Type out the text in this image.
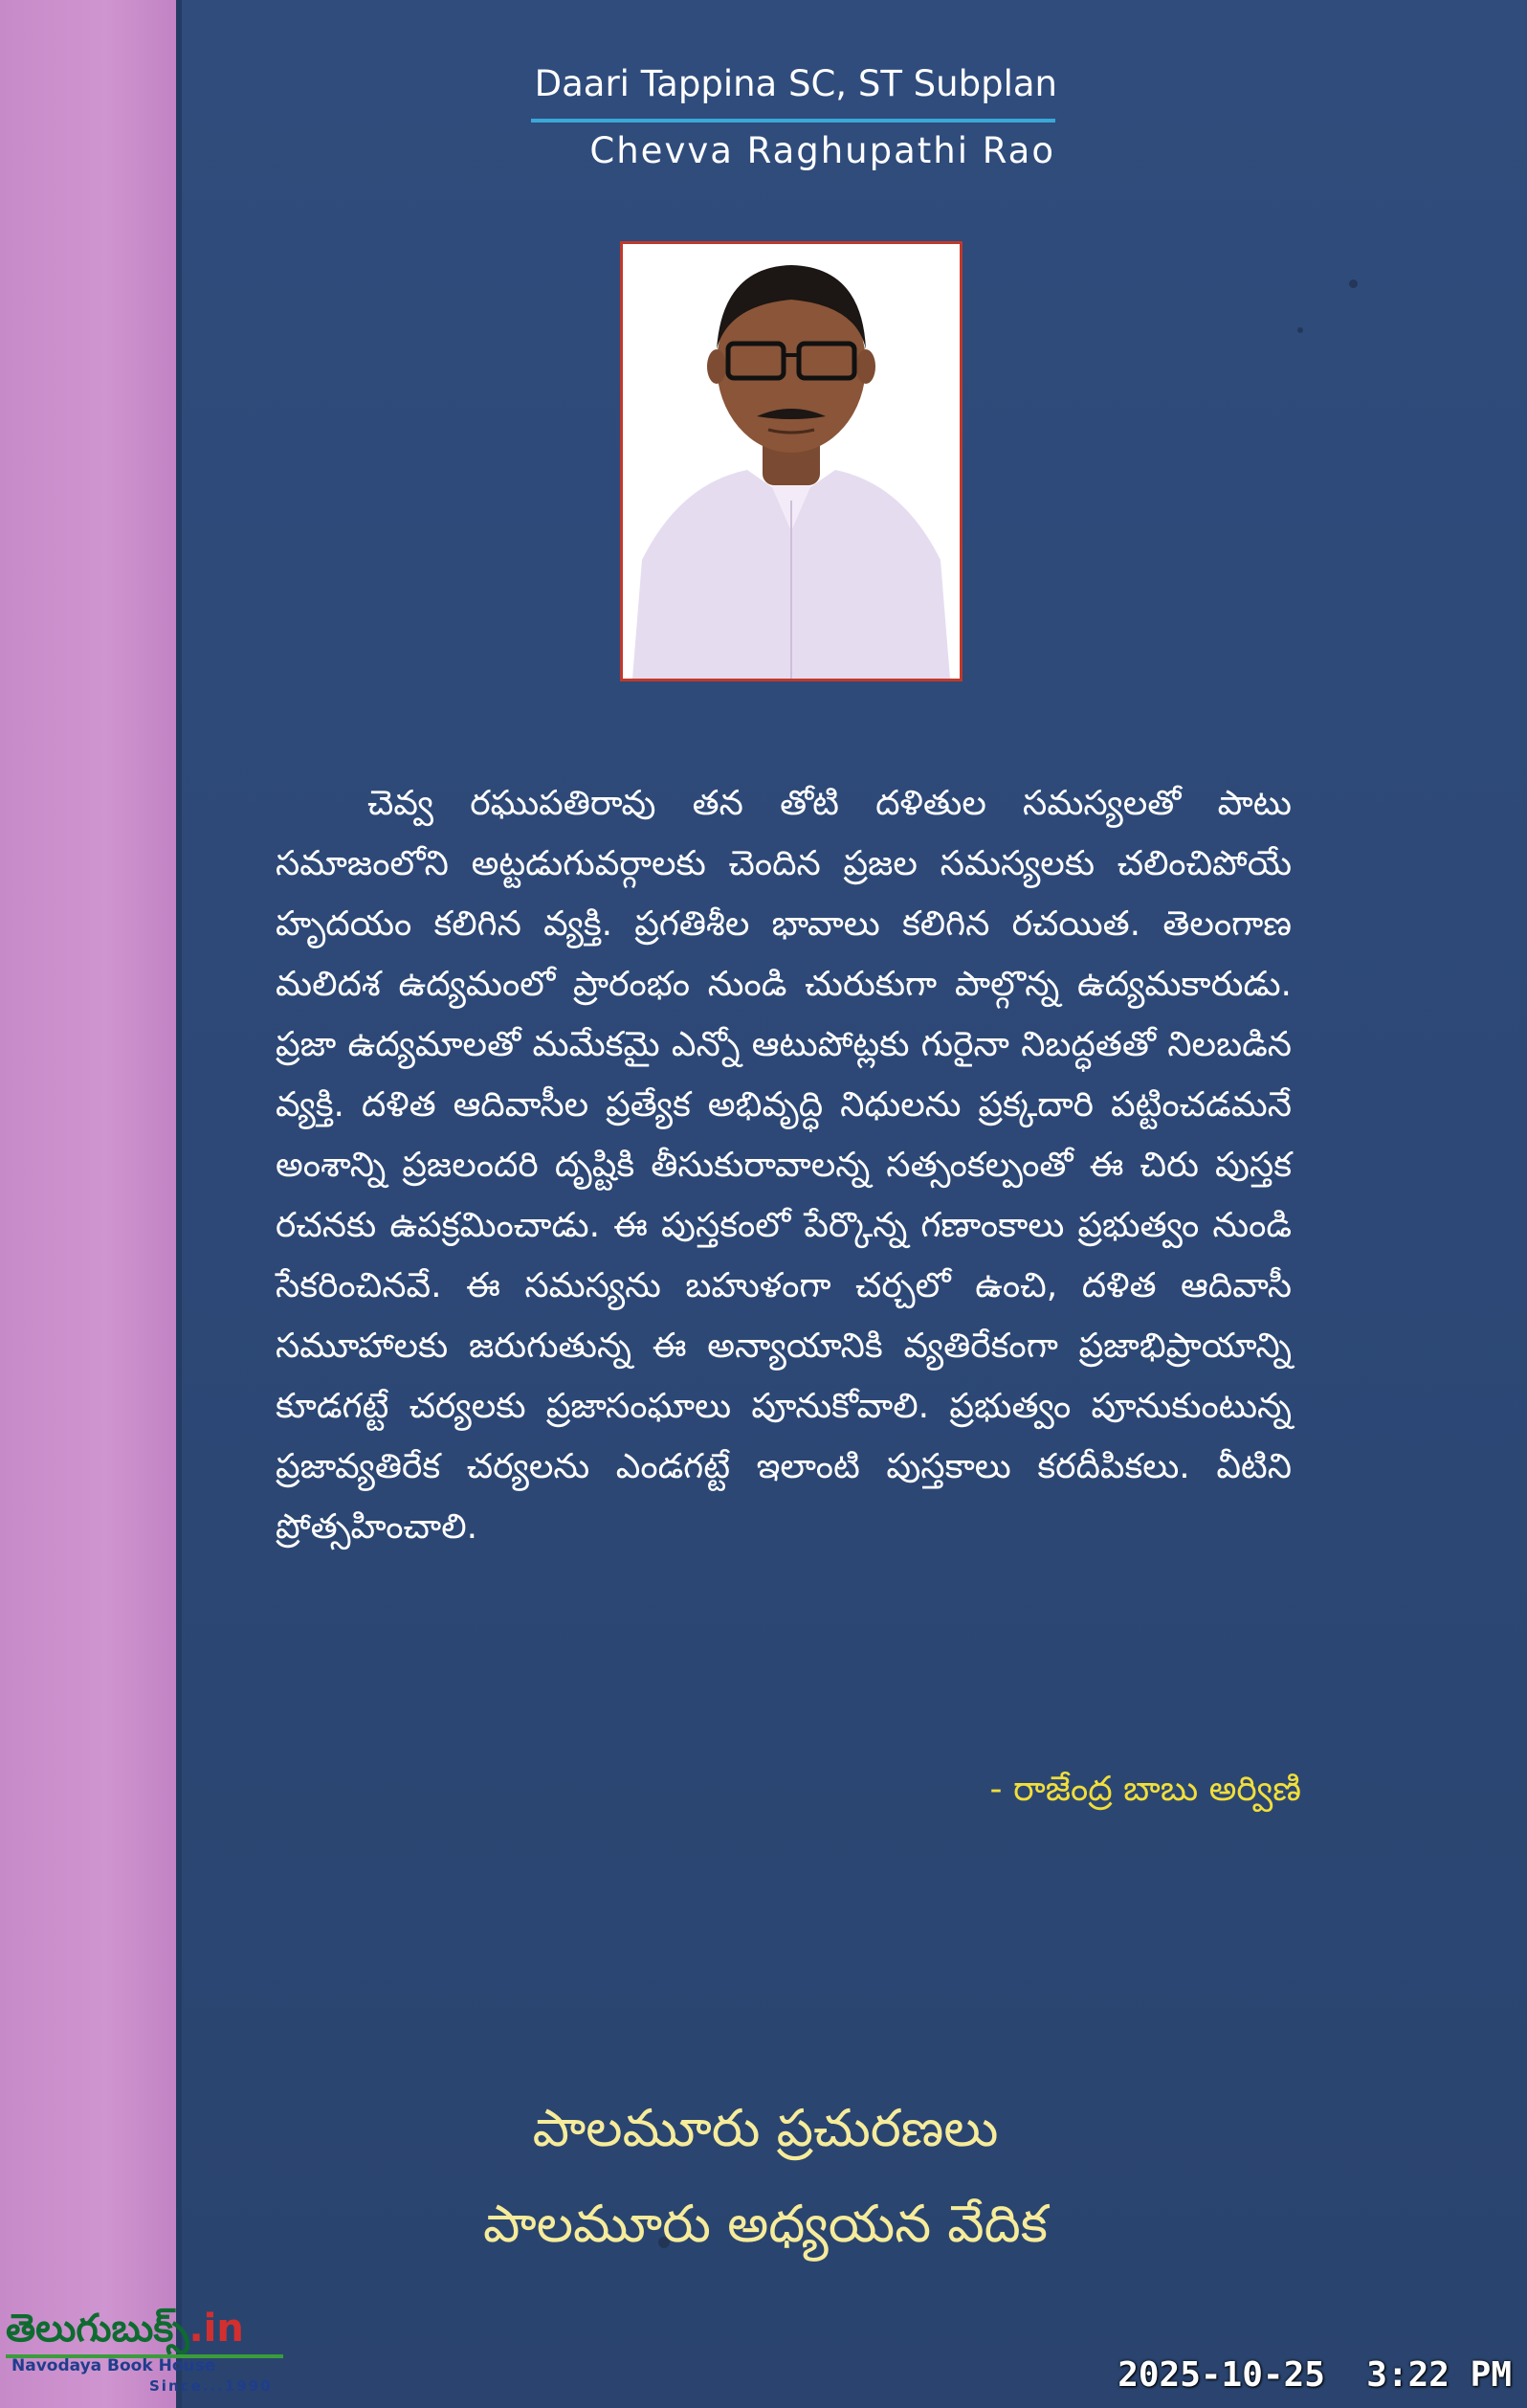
Daari Tappina SC, ST Subplan
Chevva Raghupathi Rao

చెవ్వ రఘుపతిరావు తన తోటి దళితుల సమస్యలతో పాటు సమాజంలోని అట్టడుగువర్గాలకు చెందిన ప్రజల సమస్యలకు చలించిపోయే హృదయం కలిగిన వ్యక్తి. ప్రగతిశీల భావాలు కలిగిన రచయిత. తెలంగాణ మలిదశ ఉద్యమంలో ప్రారంభం నుండి చురుకుగా పాల్గొన్న ఉద్యమకారుడు. ప్రజా ఉద్యమాలతో మమేకమై ఎన్నో ఆటుపోట్లకు గురైనా నిబద్ధతతో నిలబడిన వ్యక్తి. దళిత ఆదివాసీల ప్రత్యేక అభివృద్ధి నిధులను ప్రక్కదారి పట్టించడమనే అంశాన్ని ప్రజలందరి దృష్టికి తీసుకురావాలన్న సత్సంకల్పంతో ఈ చిరు పుస్తక రచనకు ఉపక్రమించాడు. ఈ పుస్తకంలో పేర్కొన్న గణాంకాలు ప్రభుత్వం నుండి సేకరించినవే. ఈ సమస్యను బహుళంగా చర్చలో ఉంచి, దళిత ఆదివాసీ సమూహాలకు జరుగుతున్న ఈ అన్యాయానికి వ్యతిరేకంగా ప్రజాభిప్రాయాన్ని కూడగట్టే చర్యలకు ప్రజాసంఘాలు పూనుకోవాలి. ప్రభుత్వం పూనుకుంటున్న ప్రజావ్యతిరేక చర్యలను ఎండగట్టే ఇలాంటి పుస్తకాలు కరదీపికలు. వీటిని ప్రోత్సహించాలి.

- రాజేంద్ర బాబు అర్విణి
పాలమూరు ప్రచురణలు
పాలమూరు అధ్యయన వేదిక
తెలుగుబుక్స్.in
Navodaya Book House
Since...1990	2025-10-25  3:22 PM
